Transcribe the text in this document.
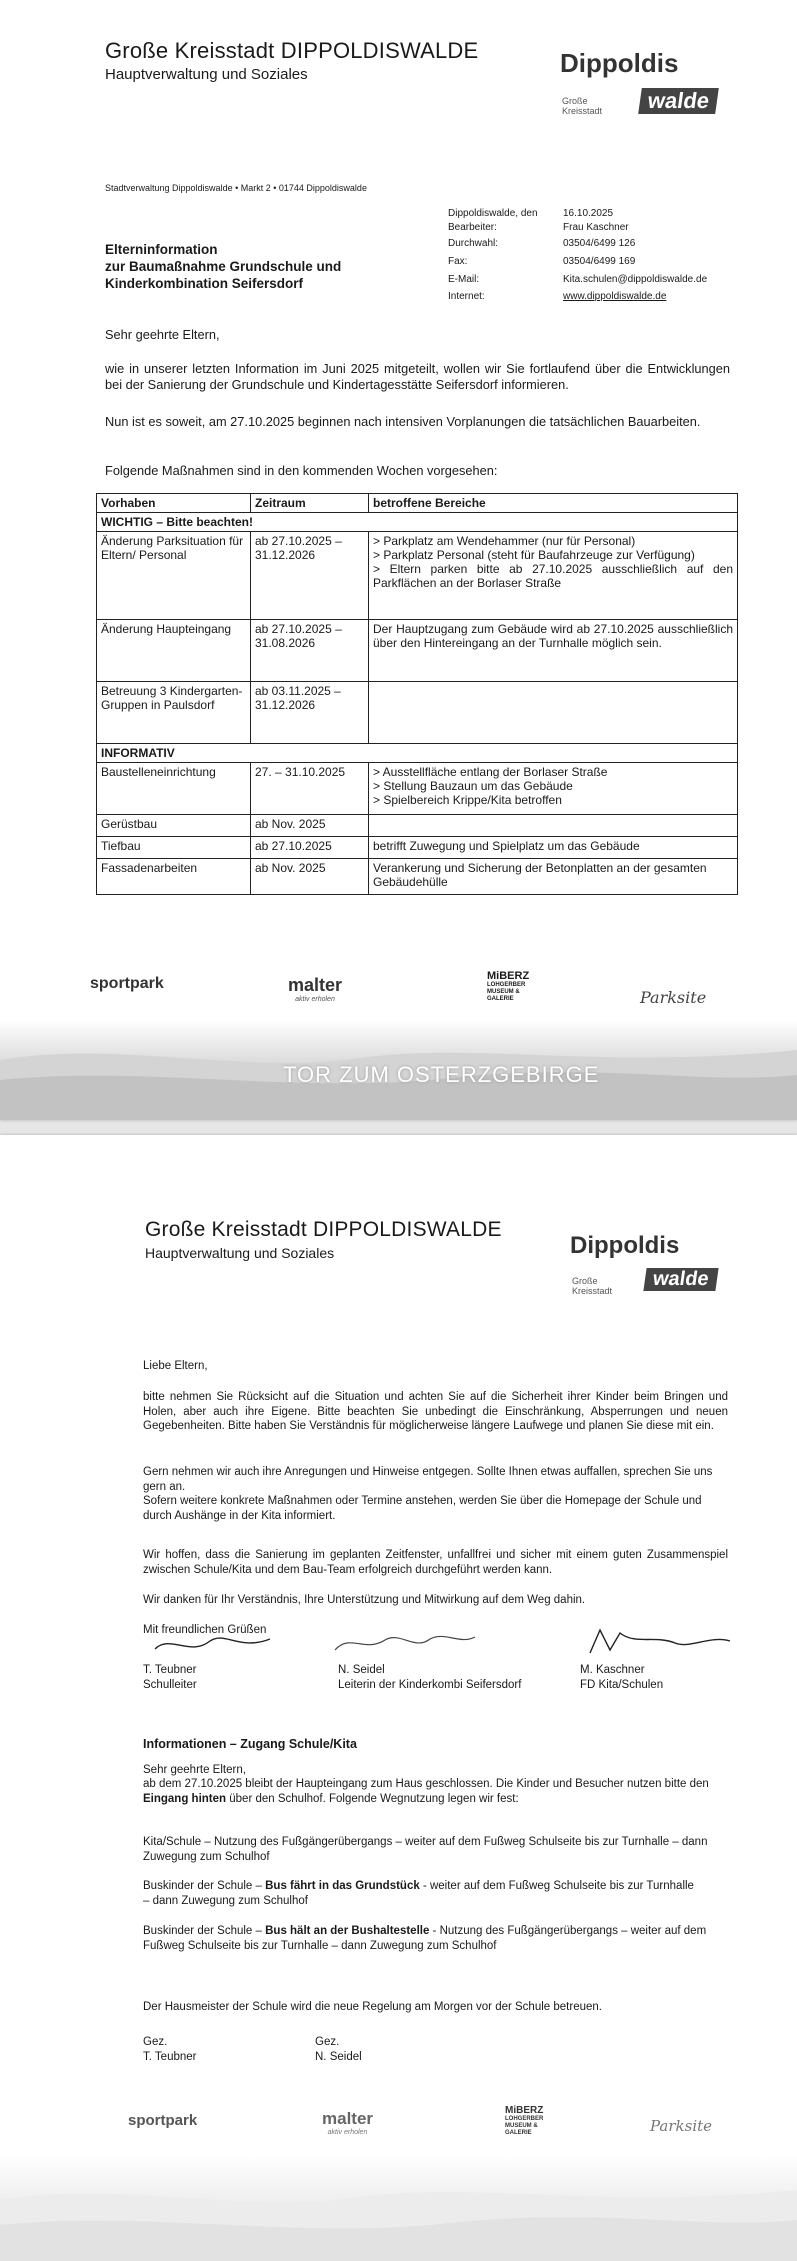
Große Kreisstadt DIPPOLDISWALDE
Hauptverwaltung und Soziales	Dippoldis
Große Kreisstadt	walde
Stadtverwaltung Dippoldiswalde • Markt 2 • 01744 Dippoldiswalde
Dippoldiswalde, den	16.10.2025
Bearbeiter:	Frau Kaschner
Durchwahl:	03504/6499 126
Fax:	03504/6499 169
E-Mail:	Kita.schulen@dippoldiswalde.de
Internet:	www.dippoldiswalde.de
Elterninformation
zur Baumaßnahme Grundschule und
Kinderkombination Seifersdorf
Sehr geehrte Eltern,
wie in unserer letzten Information im Juni 2025 mitgeteilt, wollen wir Sie fortlaufend über die Entwicklungen bei der Sanierung der Grundschule und Kindertagesstätte Seifersdorf informieren.
Nun ist es soweit, am 27.10.2025 beginnen nach intensiven Vorplanungen die tatsächlichen Bauarbeiten.
Folgende Maßnahmen sind in den kommenden Wochen vorgesehen:
Vorhaben	Zeitraum	betroffene Bereiche
WICHTIG – Bitte beachten!		
Änderung Parksituation für Eltern/ Personal	ab 27.10.2025 – 31.12.2026	> Parkplatz am Wendehammer (nur für Personal)
> Parkplatz Personal (steht für Baufahrzeuge zur Verfügung)
> Eltern parken bitte ab 27.10.2025 ausschließlich auf den Parkflächen an der Borlaser Straße
Änderung Haupteingang	ab 27.10.2025 – 31.08.2026	Der Hauptzugang zum Gebäude wird ab 27.10.2025 ausschließlich über den Hintereingang an der Turnhalle möglich sein.
Betreuung 3 Kindergarten-Gruppen in Paulsdorf	ab 03.11.2025 – 31.12.2026	
INFORMATIV		
Baustelleneinrichtung	27. – 31.10.2025	> Ausstellfläche entlang der Borlaser Straße
> Stellung Bauzaun um das Gebäude
> Spielbereich Krippe/Kita betroffen
Gerüstbau	ab Nov. 2025	
Tiefbau	ab 27.10.2025	betrifft Zuwegung und Spielplatz um das Gebäude
Fassadenarbeiten	ab Nov. 2025	Verankerung und Sicherung der Betonplatten an der gesamten Gebäudehülle
sportpark	malter
aktiv erholen
MiBERZ
LOHGERBER MUSEUM & GALERIE	Parksite
TOR ZUM OSTERZGEBIRGE
Große Kreisstadt DIPPOLDISWALDE
Hauptverwaltung und Soziales	Dippoldis
Große Kreisstadt
walde
Liebe Eltern,
bitte nehmen Sie Rücksicht auf die Situation und achten Sie auf die Sicherheit ihrer Kinder beim Bringen und Holen, aber auch ihre Eigene. Bitte beachten Sie unbedingt die Einschränkung, Absperrungen und neuen Gegebenheiten. Bitte haben Sie Verständnis für möglicherweise längere Laufwege und planen Sie diese mit ein.
Gern nehmen wir auch ihre Anregungen und Hinweise entgegen. Sollte Ihnen etwas auffallen, sprechen Sie uns gern an.
Sofern weitere konkrete Maßnahmen oder Termine anstehen, werden Sie über die Homepage der Schule und durch Aushänge in der Kita informiert.
Wir hoffen, dass die Sanierung im geplanten Zeitfenster, unfallfrei und sicher mit einem guten Zusammenspiel zwischen Schule/Kita und dem Bau-Team erfolgreich durchgeführt werden kann.
Wir danken für Ihr Verständnis, Ihre Unterstützung und Mitwirkung auf dem Weg dahin.
Mit freundlichen Grüßen
T. Teubner
Schulleiter
N. Seidel
Leiterin der Kinderkombi Seifersdorf
M. Kaschner
FD Kita/Schulen
Informationen – Zugang Schule/Kita
Sehr geehrte Eltern,
ab dem 27.10.2025 bleibt der Haupteingang zum Haus geschlossen. Die Kinder und Besucher nutzen bitte den Eingang hinten über den Schulhof. Folgende Wegnutzung legen wir fest:
Kita/Schule – Nutzung des Fußgängerübergangs – weiter auf dem Fußweg Schulseite bis zur Turnhalle – dann Zuwegung zum Schulhof
Buskinder der Schule – Bus fährt in das Grundstück - weiter auf dem Fußweg Schulseite bis zur Turnhalle – dann Zuwegung zum Schulhof
Buskinder der Schule – Bus hält an der Bushaltestelle - Nutzung des Fußgängerübergangs – weiter auf dem Fußweg Schulseite bis zur Turnhalle – dann Zuwegung zum Schulhof
Der Hausmeister der Schule wird die neue Regelung am Morgen vor der Schule betreuen.
Gez.
T. Teubner
Gez.
N. Seidel
sportpark	malter
aktiv erholen
MiBERZ
LOHGERBER MUSEUM & GALERIE	Parksite
